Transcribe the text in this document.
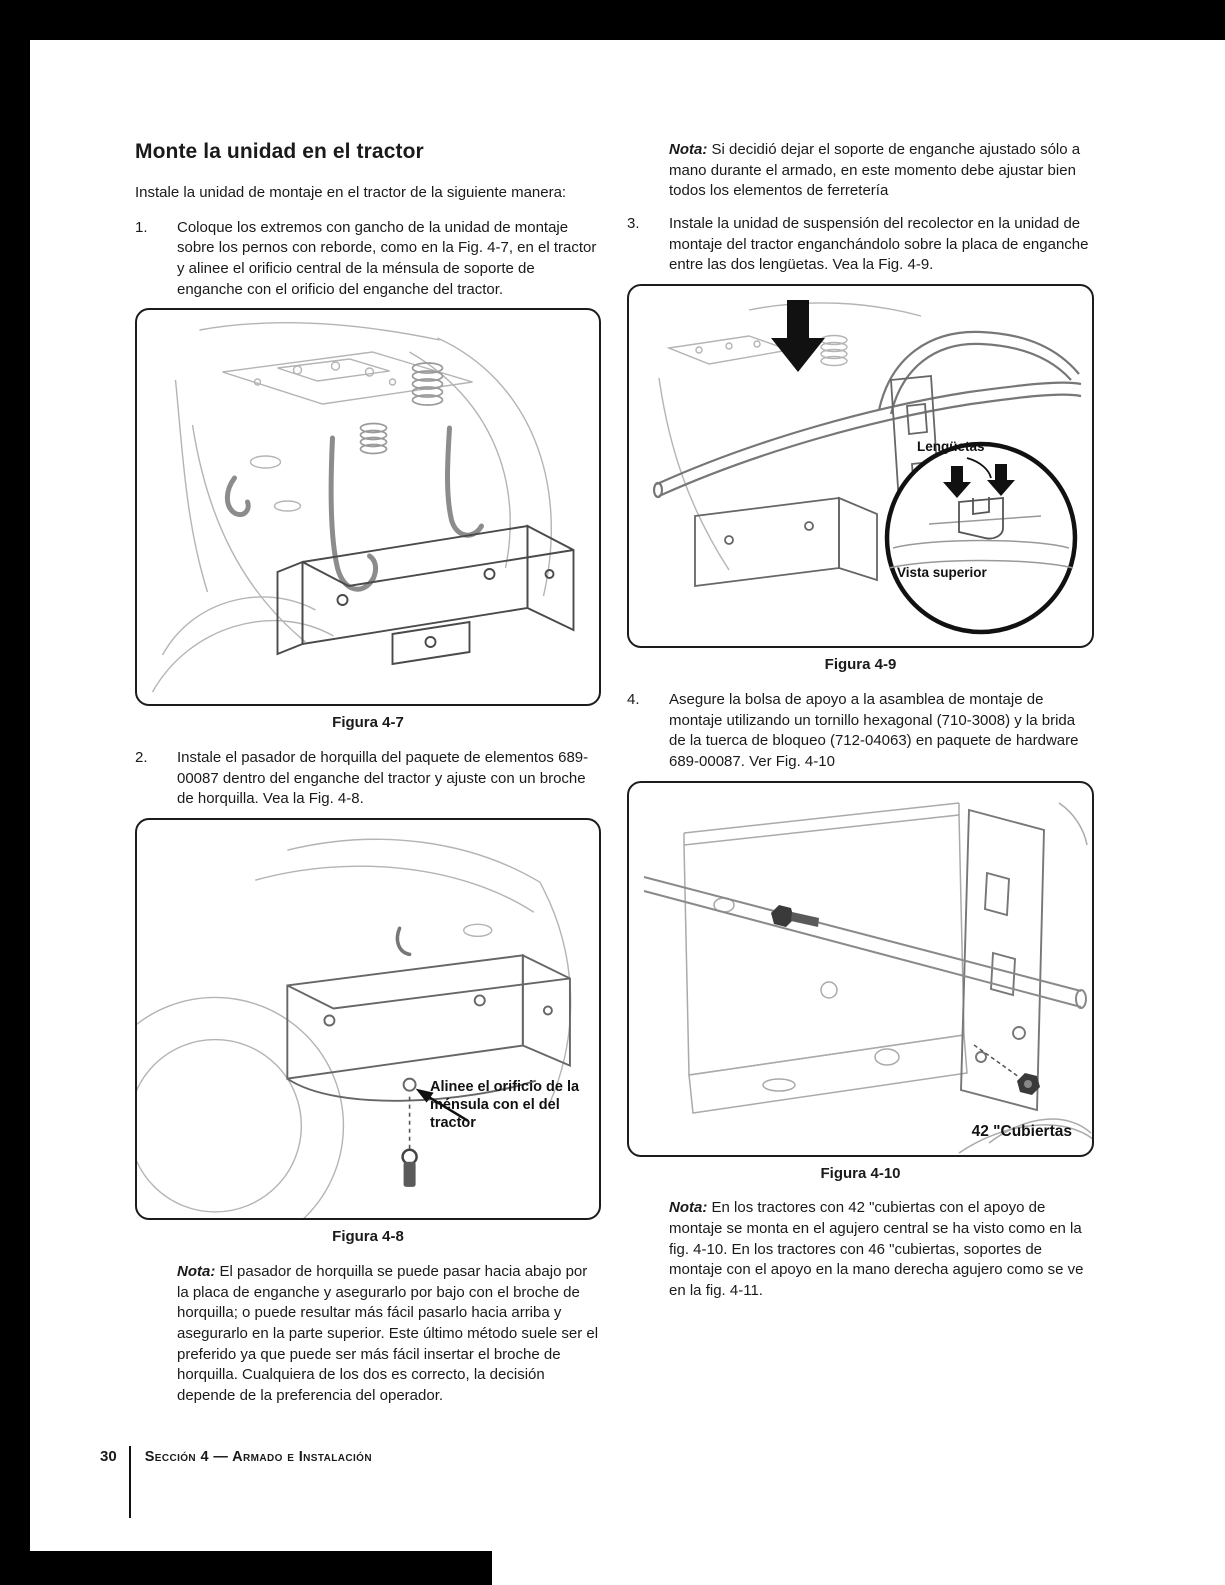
Monte la unidad en el tractor

Instale la unidad de montaje en el tractor de la siguiente manera:

1.	Coloque los extremos con gancho de la unidad de montaje sobre los pernos con reborde, como en la Fig. 4-7, en el tractor y alinee el orificio central de la ménsula de soporte de enganche con el orificio del enganche del tractor.
Figura 4-7
2.	Instale el pasador de horquilla del paquete de elementos 689-00087 dentro del enganche del tractor y ajuste con un broche de horquilla. Vea la Fig. 4-8.
Alinee el orificio de la ménsula con el del tractor
Figura 4-8

Nota: El pasador de horquilla se puede pasar hacia abajo por la placa de enganche y asegurarlo por bajo con el broche de horquilla; o puede resultar más fácil pasarlo hacia arriba y asegurarlo en la parte superior. Este último método suele ser el preferido ya que puede ser más fácil insertar el broche de horquilla. Cualquiera de los dos es correcto, la decisión depende de la preferencia del operador.

Nota: Si decidió dejar el soporte de enganche ajustado sólo a mano durante el armado, en este momento debe ajustar bien todos los elementos de ferretería

3.	Instale la unidad de suspensión del recolector en la unidad de montaje del tractor enganchándolo sobre la placa de enganche entre las dos lengüetas. Vea la Fig. 4-9.
Lengüetas
Vista superior
Figura 4-9
4.	Asegure la bolsa de apoyo a la asamblea de montaje de montaje utilizando un tornillo hexagonal (710-3008) y la brida de la tuerca de bloqueo (712-04063) en paquete de hardware 689-00087. Ver Fig. 4-10
42 "Cubiertas
Figura 4-10

Nota: En los tractores con 42 "cubiertas con el apoyo de montaje se monta en el agujero central se ha visto como en la fig. 4-10. En los tractores con 46 "cubiertas, soportes de montaje con el apoyo en la mano derecha agujero como se ve en la fig. 4-11.

30 Sección 4 — Armado e Instalación
